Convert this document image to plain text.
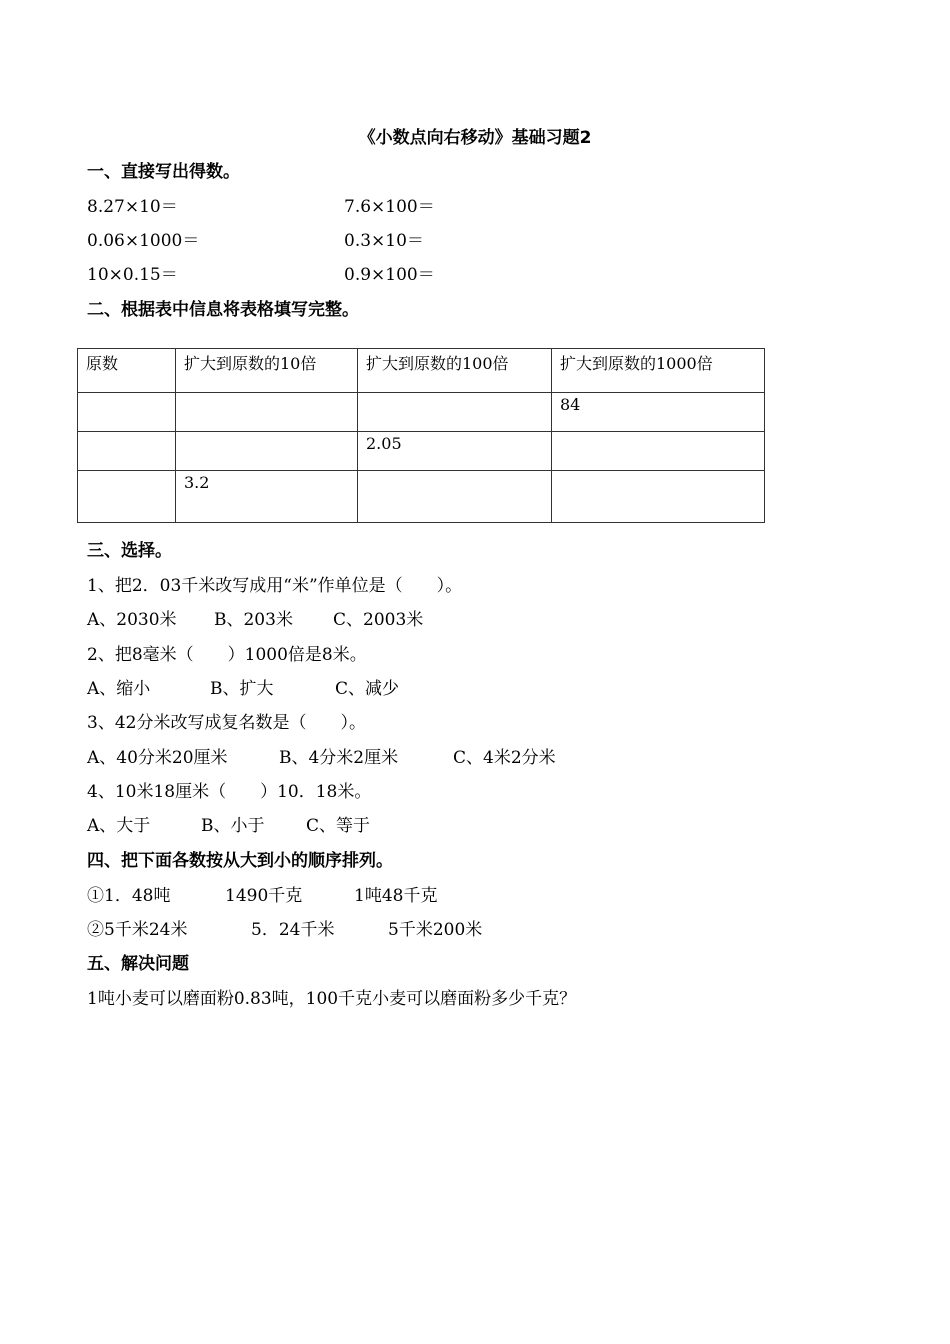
《小数点向右移动》基础习题2
一、直接写出得数。
8.27×10＝	7.6×100＝
0.06×1000＝	0.3×10＝
10×0.15＝	0.9×100＝
二、根据表中信息将表格填写完整。
原数	扩大到原数的10倍	扩大到原数的100倍	扩大到原数的1000倍
			84
		2.05	
	3.2		
三、选择。
1、把2．03千米改写成用“米”作单位是（　　）。
A、2030米 B、203米 C、2003米
2、把8毫米（　　）1000倍是8米。
A、缩小	B、扩大	C、减少
3、42分米改写成复名数是（　　）。
A、40分米20厘米	B、4分米2厘米	C、4米2分米
4、10米18厘米（　　）10．18米。
A、大于	B、小于 C、等于
四、把下面各数按从大到小的顺序排列。
①1．48吨	1490千克	1吨48千克
②5千米24米	5．24千米	5千米200米
五、解决问题
1吨小麦可以磨面粉0.83吨，100千克小麦可以磨面粉多少千克？
